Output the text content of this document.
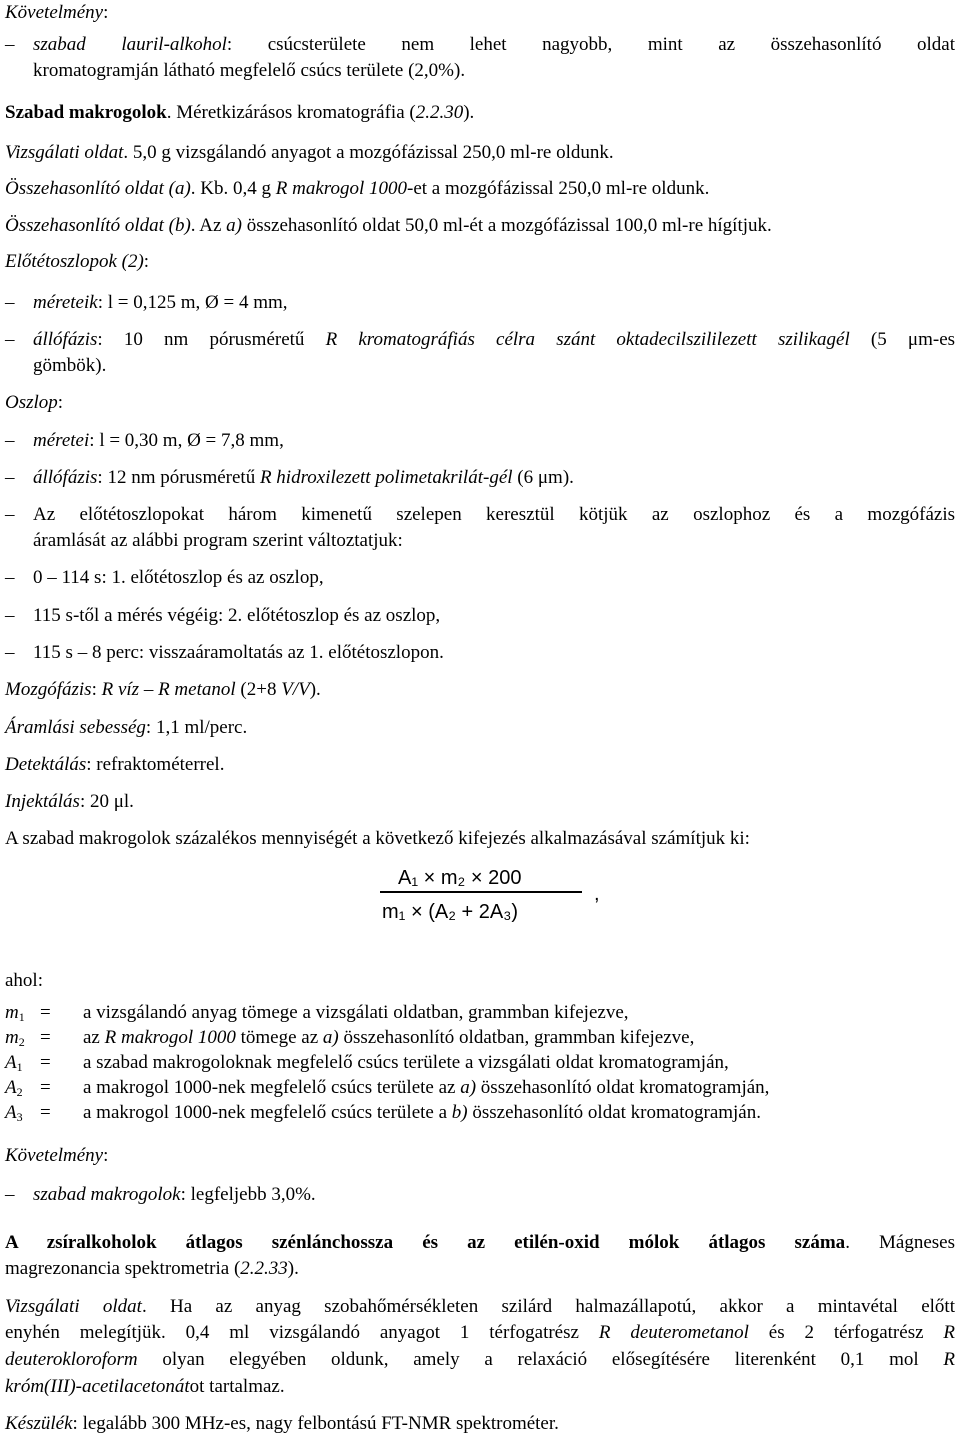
Követelmény:
– szabad lauril-alkohol: csúcsterülete nem lehet nagyobb, mint az összehasonlító oldat
kromatogramján látható megfelelő csúcs területe (2,0%).
Szabad makrogolok. Méretkizárásos kromatográfia (2.2.30).
Vizsgálati oldat. 5,0 g vizsgálandó anyagot a mozgófázissal 250,0 ml-re oldunk.
Összehasonlító oldat (a). Kb. 0,4 g R makrogol 1000-et a mozgófázissal 250,0 ml-re oldunk.
Összehasonlító oldat (b). Az a) összehasonlító oldat 50,0 ml-ét a mozgófázissal 100,0 ml-re hígítjuk.
Előtétoszlopok (2):
– méreteik: l = 0,125 m, Ø = 4 mm,
– állófázis: 10 nm pórusméretű R kromatográfiás célra szánt oktadecilszililezett szilikagél (5 μm-es
gömbök).
Oszlop:
– méretei: l = 0,30 m, Ø = 7,8 mm,
– állófázis: 12 nm pórusméretű R hidroxilezett polimetakrilát-gél (6 μm).
– Az előtétoszlopokat három kimenetű szelepen keresztül kötjük az oszlophoz és a mozgófázis
áramlását az alábbi program szerint változtatjuk:
– 0 – 114 s: 1. előtétoszlop és az oszlop,
– 115 s-től a mérés végéig: 2. előtétoszlop és az oszlop,
– 115 s – 8 perc: visszaáramoltatás az 1. előtétoszlopon.
Mozgófázis: R víz – R metanol (2+8 V/V).
Áramlási sebesség: 1,1 ml/perc.
Detektálás: refraktométerrel.
Injektálás: 20 μl.
A szabad makrogolok százalékos mennyiségét a következő kifejezés alkalmazásával számítjuk ki:
A₁ × m₂ × 200
m₁ × (A₂ + 2A₃)
,
ahol:
$m_1 = a$ vizsgálandó anyag tömege a vizsgálati oldatban, grammban kifejezve,
$m_2$ = az R makrogol 1000 tömege az a) összehasonlító oldatban, grammban kifejezve,
$A_1 = a$ szabad makrogoloknak megfelelő csúcs területe a vizsgálati oldat kromatogramján,
$A_2 = a$ makrogol 1000-nek megfelelő csúcs területe az a) összehasonlító oldat kromatogramján,
$A_3 = a$ makrogol 1000-nek megfelelő csúcs területe a b) összehasonlító oldat kromatogramján.
Követelmény:
– szabad makrogolok: legfeljebb 3,0%.
A zsíralkoholok átlagos szénlánchossza és az etilén-oxid mólok átlagos száma. Mágneses
magrezonancia spektrometria (2.2.33).
Vizsgálati oldat. Ha az anyag szobahőmérsékleten szilárd halmazállapotú, akkor a mintavétal előtt
enyhén melegítjük. 0,4 ml vizsgálandó anyagot 1 térfogatrész R deuterometanol és 2 térfogatrész R
deuterokloroform olyan elegyében oldunk, amely a relaxáció elősegítésére literenként 0,1 mol R
króm(III)-acetilacetonátot tartalmaz.
Készülék: legalább 300 MHz-es, nagy felbontású FT-NMR spektrométer.
